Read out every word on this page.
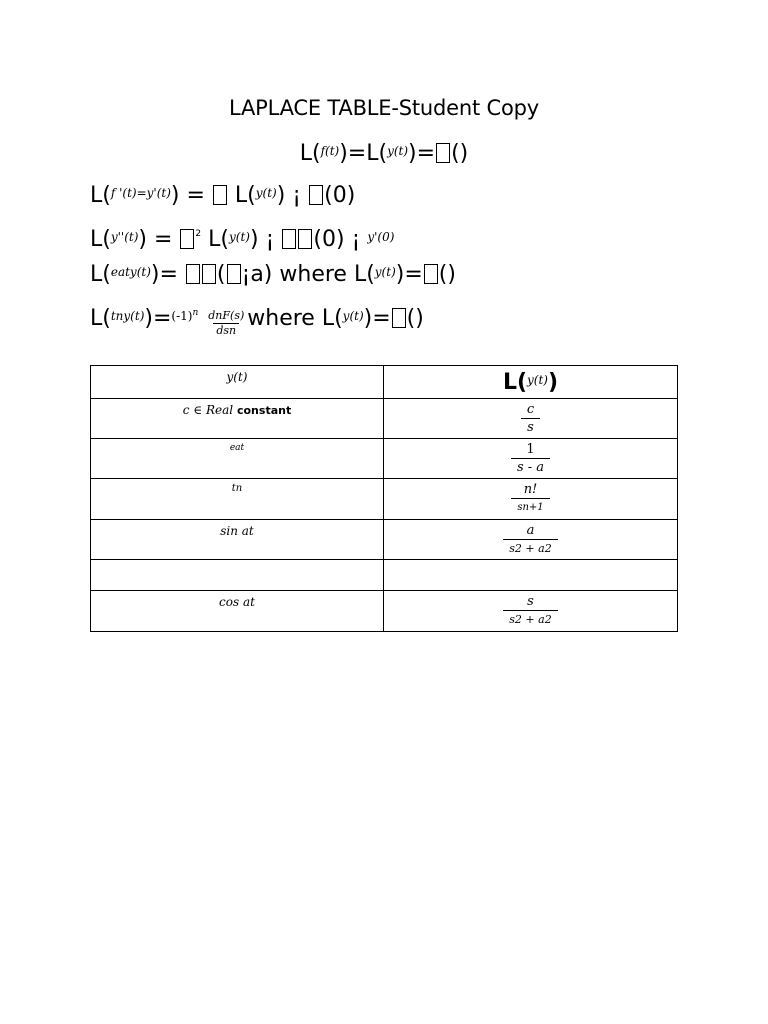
LAPLACE TABLE-Student Copy
L($^{f(t)}$)=L($^{y(t)}$)= ()
L($^{f '(t)=y'(t)}$) =  L($^{y(t)}$) ¡ (0)
L($^{y''(t)}$) = $^2$ L($^{y(t)}$) ¡ (0) ¡ $^{y'(0)}$
L($^{eaty(t)}$)= ( ¡a) where L($^{y(t)}$)= ()
$L(^{tny(t)})=^{(-1)n} \frac{\text{dnF(s)}}{\text{dsn}}$ where L($^{y(t)}$)= ()
y(t)	L($^{y(t)}$)
c ∈ Real constant	$\frac{c}{s}$

eat	$\frac{1}{s - a}$

tn	$\frac{n!}{sn+1}$

sin at	$\frac{a}{s2 + a2}$

cos at	$\frac{s}{s2 + a2}$
